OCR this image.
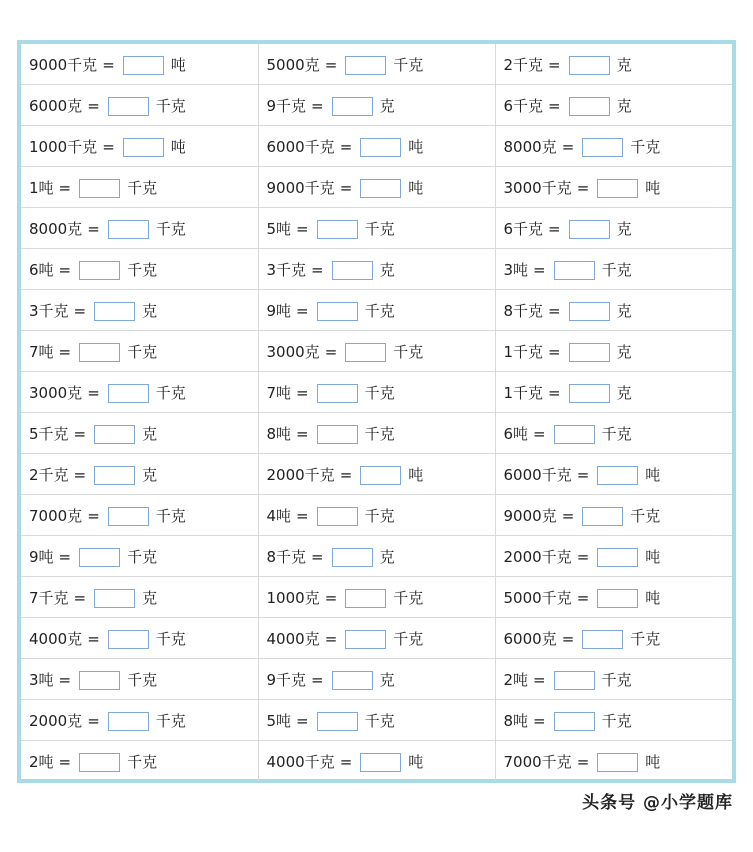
9000千克 = 吨	5000克 = 千克	2千克 = 克
6000克 = 千克	9千克 = 克	6千克 = 克
1000千克 = 吨	6000千克 = 吨	8000克 = 千克
1吨 = 千克	9000千克 = 吨	3000千克 = 吨
8000克 = 千克	5吨 = 千克	6千克 = 克
6吨 = 千克	3千克 = 克	3吨 = 千克
3千克 = 克	9吨 = 千克	8千克 = 克
7吨 = 千克	3000克 = 千克	1千克 = 克
3000克 = 千克	7吨 = 千克	1千克 = 克
5千克 = 克	8吨 = 千克	6吨 = 千克
2千克 = 克	2000千克 = 吨	6000千克 = 吨
7000克 = 千克	4吨 = 千克	9000克 = 千克
9吨 = 千克	8千克 = 克	2000千克 = 吨
7千克 = 克	1000克 = 千克	5000千克 = 吨
4000克 = 千克	4000克 = 千克	6000克 = 千克
3吨 = 千克	9千克 = 克	2吨 = 千克
2000克 = 千克	5吨 = 千克	8吨 = 千克
2吨 = 千克	4000千克 = 吨	7000千克 = 吨
头条号 @小学题库
